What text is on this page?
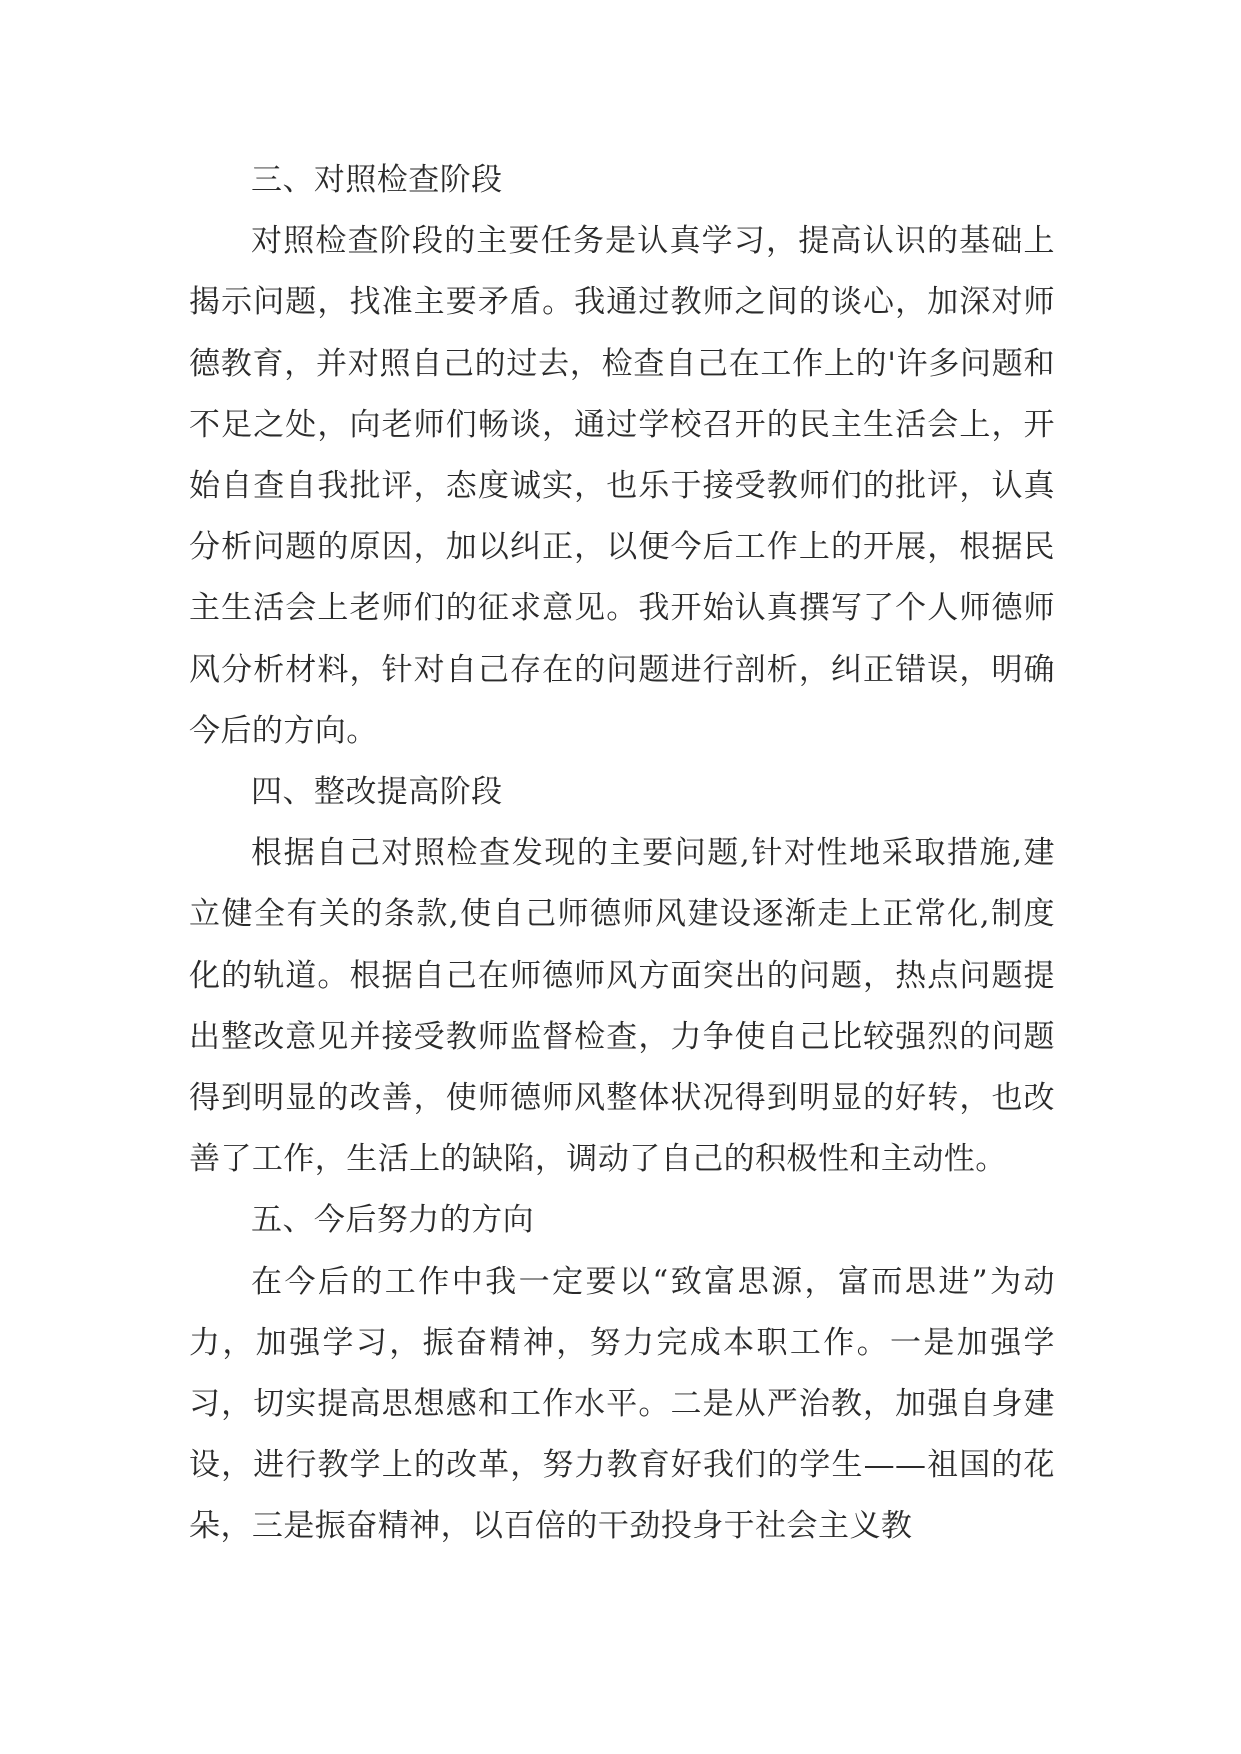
三、对照检查阶段

对照检查阶段的主要任务是认真学习，提高认识的基础上揭示问题，找准主要矛盾。我通过教师之间的谈心，加深对师德教育，并对照自己的过去，检查自己在工作上的'许多问题和不足之处，向老师们畅谈，通过学校召开的民主生活会上，开始自查自我批评，态度诚实，也乐于接受教师们的批评，认真分析问题的原因，加以纠正，以便今后工作上的开展，根据民主生活会上老师们的征求意见。我开始认真撰写了个人师德师风分析材料，针对自己存在的问题进行剖析，纠正错误，明确今后的方向。

四、整改提高阶段

根据自己对照检查发现的主要问题,针对性地采取措施,建立健全有关的条款,使自己师德师风建设逐渐走上正常化,制度化的轨道。根据自己在师德师风方面突出的问题，热点问题提出整改意见并接受教师监督检查，力争使自己比较强烈的问题得到明显的改善，使师德师风整体状况得到明显的好转，也改善了工作，生活上的缺陷，调动了自己的积极性和主动性。

五、今后努力的方向

在今后的工作中我一定要以“致富思源，富而思进”为动力，加强学习，振奋精神，努力完成本职工作。一是加强学习，切实提高思想感和工作水平。二是从严治教，加强自身建设，进行教学上的改革，努力教育好我们的学生——祖国的花朵，三是振奋精神，以百倍的干劲投身于社会主义教
